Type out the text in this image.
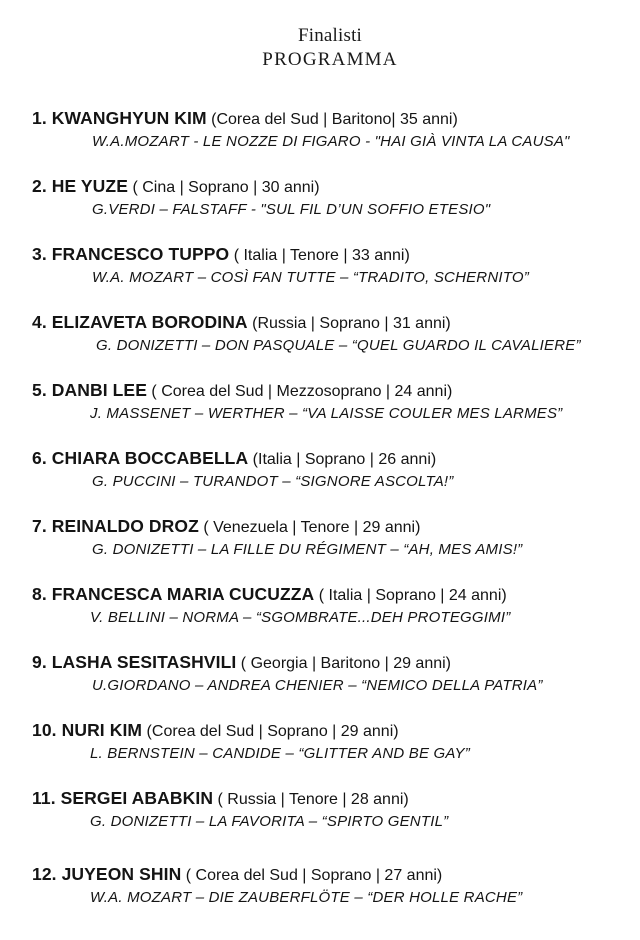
Finalisti
PROGRAMMA
1. KWANGHYUN KIM (Corea del Sud | Baritono| 35 anni)
W.A.MOZART - LE NOZZE DI FIGARO - "HAI GIÀ VINTA LA CAUSA"
2. HE YUZE ( Cina | Soprano | 30 anni)
G.VERDI – FALSTAFF - "SUL FIL D’UN SOFFIO ETESIO"
3. FRANCESCO TUPPO ( Italia | Tenore | 33 anni)
W.A. MOZART – COSÌ FAN TUTTE – “TRADITO, SCHERNITO”
4. ELIZAVETA BORODINA (Russia | Soprano | 31 anni)
G. DONIZETTI – DON PASQUALE – “QUEL GUARDO IL CAVALIERE”
5. DANBI LEE ( Corea del Sud | Mezzosoprano | 24 anni)
J. MASSENET – WERTHER – “VA LAISSE COULER MES LARMES”
6. CHIARA BOCCABELLA (Italia | Soprano | 26 anni)
G. PUCCINI – TURANDOT – “SIGNORE ASCOLTA!”
7. REINALDO DROZ ( Venezuela | Tenore | 29 anni)
G. DONIZETTI – LA FILLE DU RÉGIMENT – “AH, MES AMIS!”
8. FRANCESCA MARIA CUCUZZA ( Italia | Soprano | 24 anni)
V. BELLINI – NORMA – “SGOMBRATE...DEH PROTEGGIMI”
9. LASHA SESITASHVILI ( Georgia | Baritono | 29 anni)
U.GIORDANO – ANDREA CHENIER – “NEMICO DELLA PATRIA”
10. NURI KIM (Corea del Sud | Soprano | 29 anni)
L. BERNSTEIN – CANDIDE – “GLITTER AND BE GAY”
11. SERGEI ABABKIN ( Russia | Tenore | 28 anni)
G. DONIZETTI – LA FAVORITA – “SPIRTO GENTIL”
12. JUYEON SHIN ( Corea del Sud | Soprano | 27 anni)
W.A. MOZART – DIE ZAUBERFLÖTE – “DER HOLLE RACHE”
